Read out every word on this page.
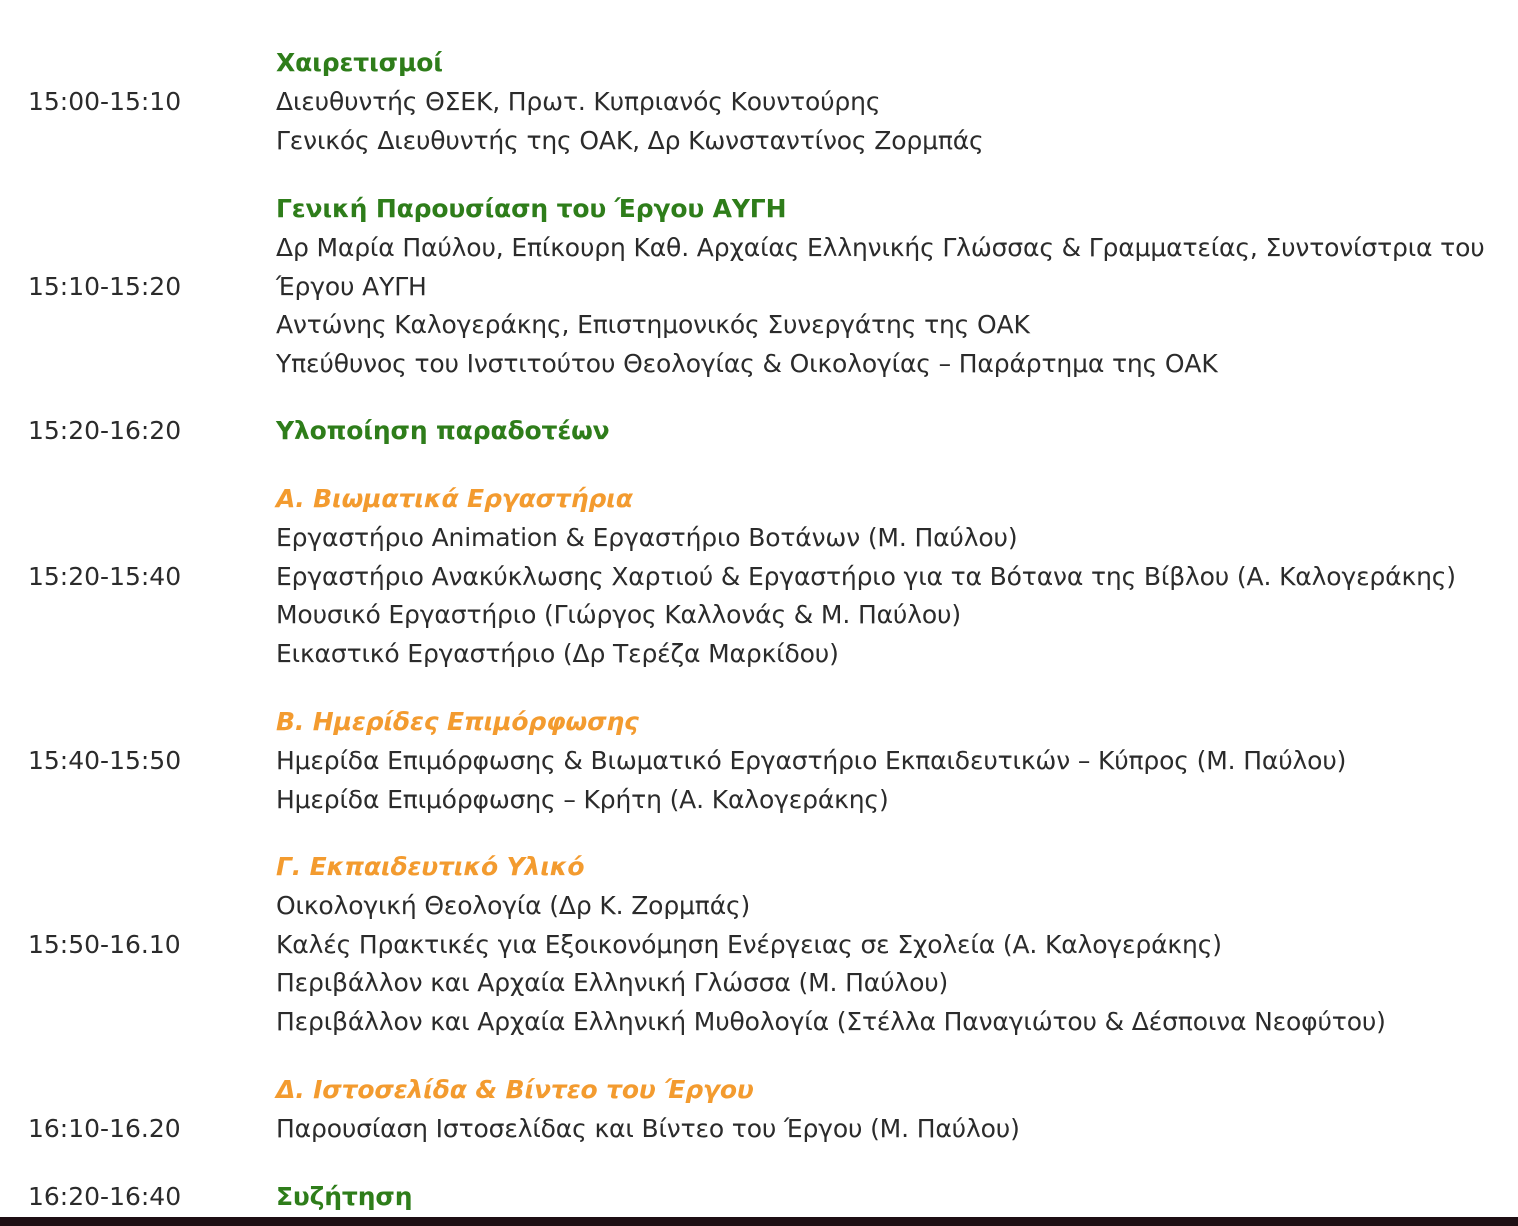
15:00-15:10
Χαιρετισμοί
Διευθυντής ΘΣΕΚ, Πρωτ. Κυπριανός Κουντούρης
Γενικός Διευθυντής της ΟΑΚ, Δρ Κωνσταντίνος Ζορμπάς
15:10-15:20
Γενική Παρουσίαση του Έργου ΑΥΓΗ
Δρ Μαρία Παύλου, Επίκουρη Καθ. Αρχαίας Ελληνικής Γλώσσας & Γραμματείας, Συντονίστρια του
Έργου ΑΥΓΗ
Αντώνης Καλογεράκης, Επιστημονικός Συνεργάτης της ΟΑΚ
Υπεύθυνος του Ινστιτούτου Θεολογίας & Οικολογίας – Παράρτημα της ΟΑΚ
15:20-16:20	Υλοποίηση παραδοτέων
15:20-15:40
Α. Βιωματικά Εργαστήρια
Εργαστήριο Animation & Εργαστήριο Βοτάνων (Μ. Παύλου)
Εργαστήριο Ανακύκλωσης Χαρτιού & Εργαστήριο για τα Βότανα της Βίβλου (Α. Καλογεράκης)
Μουσικό Εργαστήριο (Γιώργος Καλλονάς & Μ. Παύλου)
Εικαστικό Εργαστήριο (Δρ Τερέζα Μαρκίδου)
15:40-15:50
Β. Ημερίδες Επιμόρφωσης
Ημερίδα Επιμόρφωσης & Βιωματικό Εργαστήριο Εκπαιδευτικών – Κύπρος (Μ. Παύλου)
Ημερίδα Επιμόρφωσης – Κρήτη (Α. Καλογεράκης)
15:50-16.10
Γ. Εκπαιδευτικό Υλικό
Οικολογική Θεολογία (Δρ Κ. Ζορμπάς)
Καλές Πρακτικές για Εξοικονόμηση Ενέργειας σε Σχολεία (Α. Καλογεράκης)
Περιβάλλον και Αρχαία Ελληνική Γλώσσα (Μ. Παύλου)
Περιβάλλον και Αρχαία Ελληνική Μυθολογία (Στέλλα Παναγιώτου & Δέσποινα Νεοφύτου)
16:10-16.20
Δ. Ιστοσελίδα & Βίντεο του Έργου
Παρουσίαση Ιστοσελίδας και Βίντεο του Έργου (Μ. Παύλου)
16:20-16:40	Συζήτηση
